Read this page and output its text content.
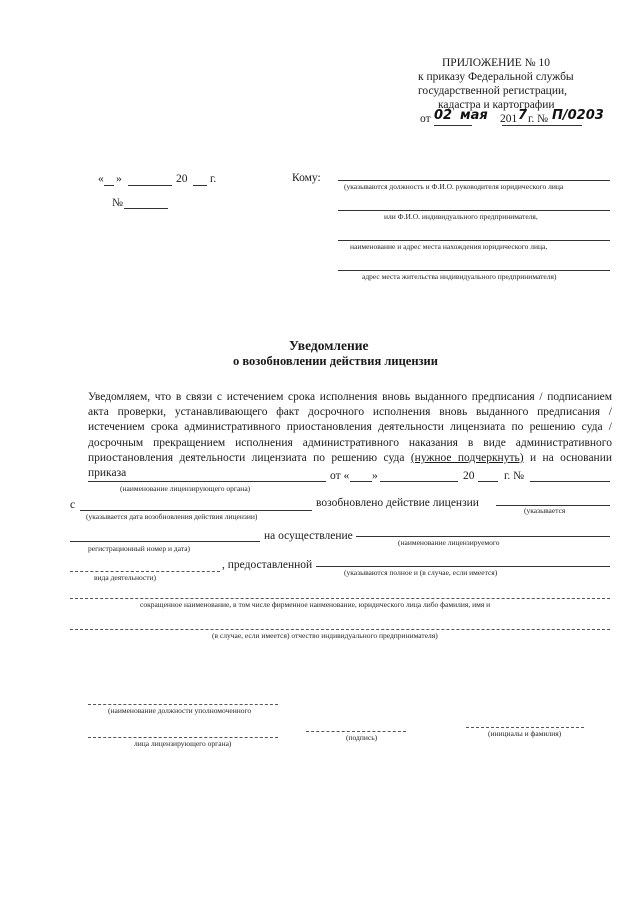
ПРИЛОЖЕНИЕ № 10
к приказу Федеральной службы
государственной регистрации,
кадастра и картографии
от 02 мая 201 7 г. № П/0203
« »	20 г.
№
Кому:
(указываются должность и Ф.И.О. руководителя юридического лица
или Ф.И.О. индивидуального предпринимателя,
наименование и адрес места нахождения юридического лица,
адрес места жительства индивидуального предпринимателя)
Уведомление
о возобновлении действия лицензии
Уведомляем, что в связи с истечением срока исполнения вновь выданного предписания / подписанием акта проверки, устанавливающего факт досрочного исполнения вновь выданного предписания / истечением срока административного приостановления деятельности лицензиата по решению суда / досрочным прекращением исполнения административного наказания в виде административного приостановления деятельности лицензиата по решению суда (нужное подчеркнуть) и на основании приказа	от « »	20	г. №
(наименование лицензирующего органа)
с	возобновлено действие лицензии
(указывается дата возобновления действия лицензии)
(указывается
на осуществление
регистрационный номер и дата)
(наименование лицензируемого
, предоставленной
вида деятельности)
(указываются полное и (в случае, если имеется)
сокращенное наименование, в том числе фирменное наименование, юридического лица либо фамилия, имя и
(в случае, если имеется) отчество индивидуального предпринимателя)
(наименование должности уполномоченного
лица лицензирующего органа)
(подпись)	(инициалы и фамилия)
